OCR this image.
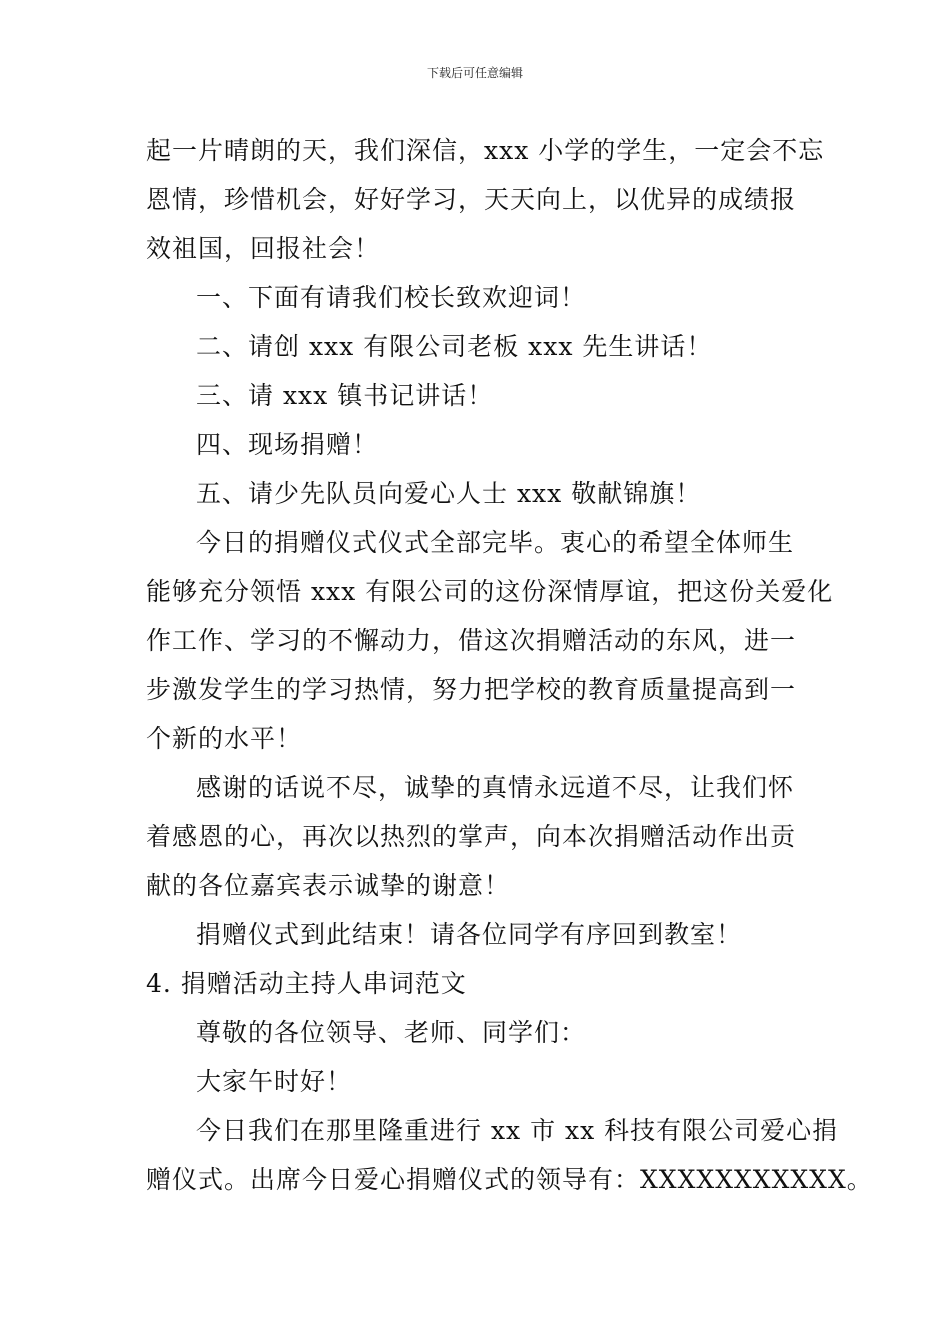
下载后可任意编辑
起一片晴朗的天，我们深信，xxx 小学的学生，一定会不忘
恩情，珍惜机会，好好学习，天天向上，以优异的成绩报
效祖国，回报社会！
一、下面有请我们校长致欢迎词！
二、请创 xxx 有限公司老板 xxx 先生讲话！
三、请 xxx 镇书记讲话！
四、现场捐赠！
五、请少先队员向爱心人士 xxx 敬献锦旗！
今日的捐赠仪式仪式全部完毕。衷心的希望全体师生
能够充分领悟 xxx 有限公司的这份深情厚谊，把这份关爱化
作工作、学习的不懈动力，借这次捐赠活动的东风，进一
步激发学生的学习热情，努力把学校的教育质量提高到一
个新的水平！
感谢的话说不尽，诚挚的真情永远道不尽，让我们怀
着感恩的心，再次以热烈的掌声，向本次捐赠活动作出贡
献的各位嘉宾表示诚挚的谢意！
捐赠仪式到此结束！请各位同学有序回到教室！
4. 捐赠活动主持人串词范文
尊敬的各位领导、老师、同学们：
大家午时好！
今日我们在那里隆重进行 xx 市 xx 科技有限公司爱心捐
赠仪式。出席今日爱心捐赠仪式的领导有：XXXXXXXXXXX。
